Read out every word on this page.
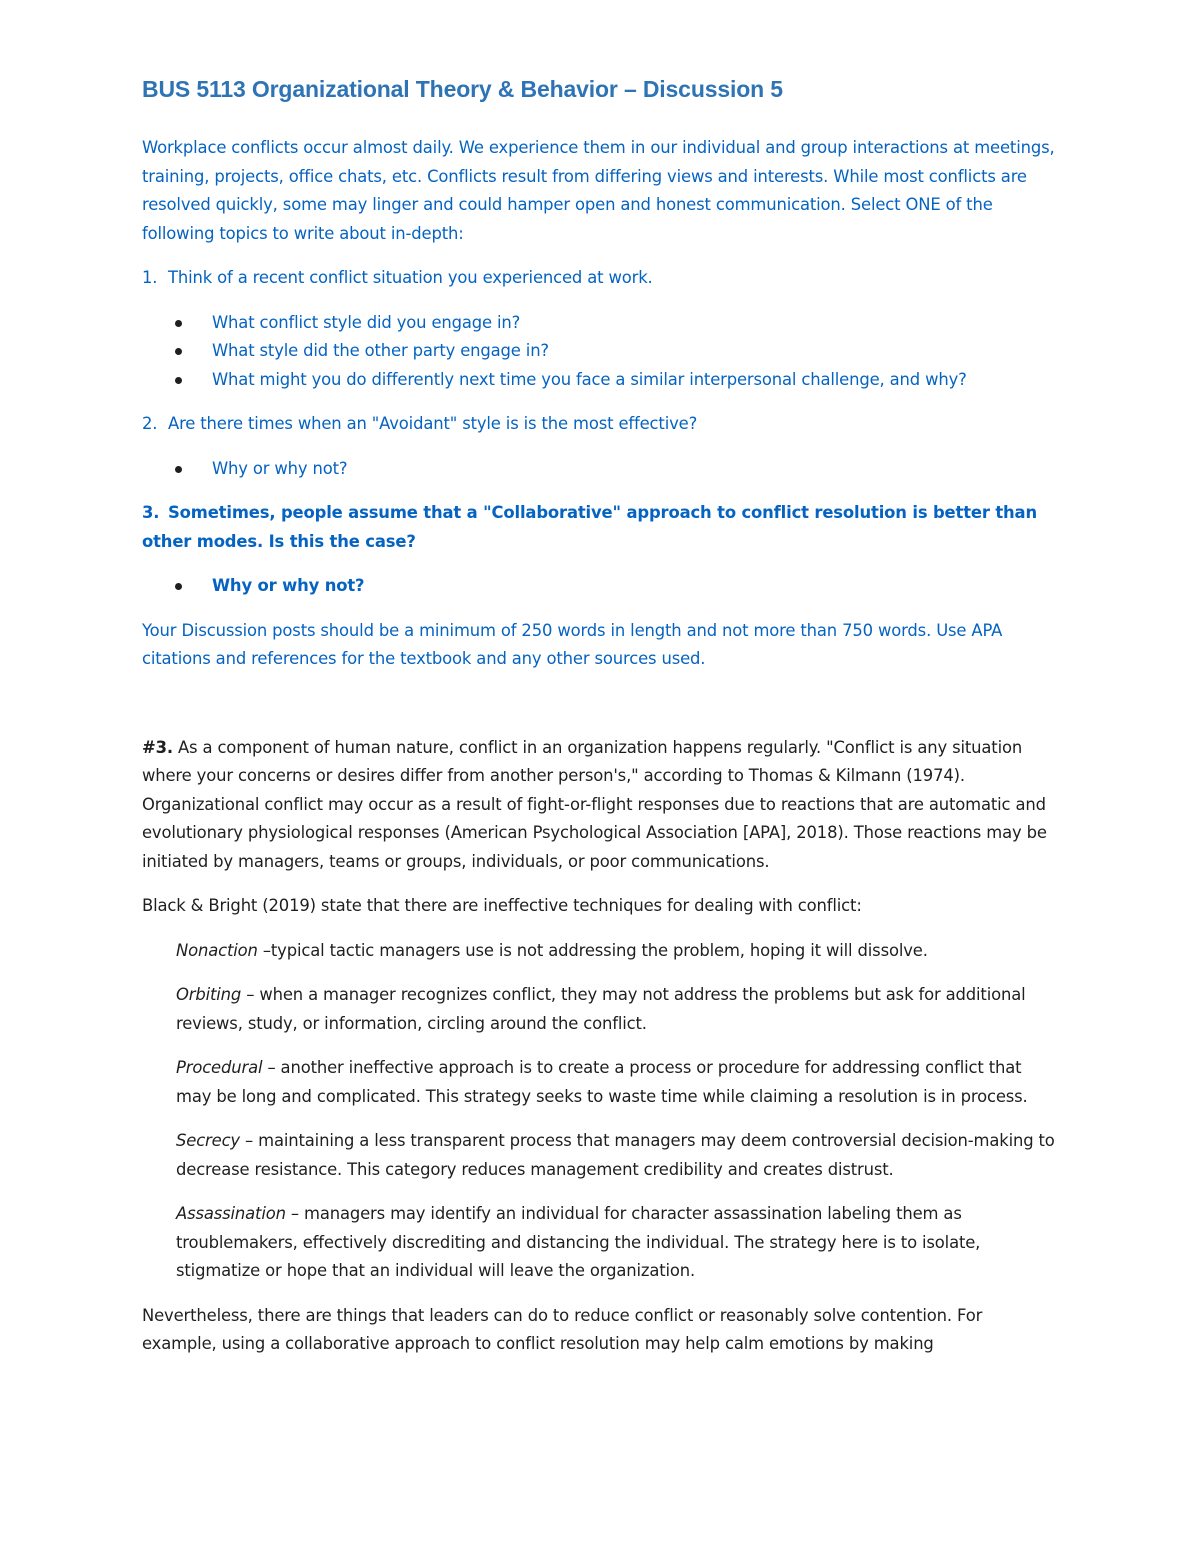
BUS 5113 Organizational Theory & Behavior – Discussion 5

Workplace conflicts occur almost daily. We experience them in our individual and group interactions at meetings, training, projects, office chats, etc. Conflicts result from differing views and interests. While most conflicts are resolved quickly, some may linger and could hamper open and honest communication. Select ONE of the following topics to write about in-depth:

1. Think of a recent conflict situation you experienced at work.
What conflict style did you engage in?
What style did the other party engage in?
What might you do differently next time you face a similar interpersonal challenge, and why?
2. Are there times when an "Avoidant" style is is the most effective?
Why or why not?
3. Sometimes, people assume that a "Collaborative" approach to conflict resolution is better than other modes. Is this the case?
Why or why not?

Your Discussion posts should be a minimum of 250 words in length and not more than 750 words. Use APA citations and references for the textbook and any other sources used.

#3. As a component of human nature, conflict in an organization happens regularly. "Conflict is any situation where your concerns or desires differ from another person's," according to Thomas & Kilmann (1974). Organizational conflict may occur as a result of fight-or-flight responses due to reactions that are automatic and evolutionary physiological responses (American Psychological Association [APA], 2018). Those reactions may be initiated by managers, teams or groups, individuals, or poor communications.

Black & Bright (2019) state that there are ineffective techniques for dealing with conflict:

Nonaction –typical tactic managers use is not addressing the problem, hoping it will dissolve.

Orbiting – when a manager recognizes conflict, they may not address the problems but ask for additional reviews, study, or information, circling around the conflict.

Procedural – another ineffective approach is to create a process or procedure for addressing conflict that may be long and complicated. This strategy seeks to waste time while claiming a resolution is in process.

Secrecy – maintaining a less transparent process that managers may deem controversial decision-making to decrease resistance. This category reduces management credibility and creates distrust.

Assassination – managers may identify an individual for character assassination labeling them as troublemakers, effectively discrediting and distancing the individual. The strategy here is to isolate, stigmatize or hope that an individual will leave the organization.

Nevertheless, there are things that leaders can do to reduce conflict or reasonably solve contention. For example, using a collaborative approach to conflict resolution may help calm emotions by making
